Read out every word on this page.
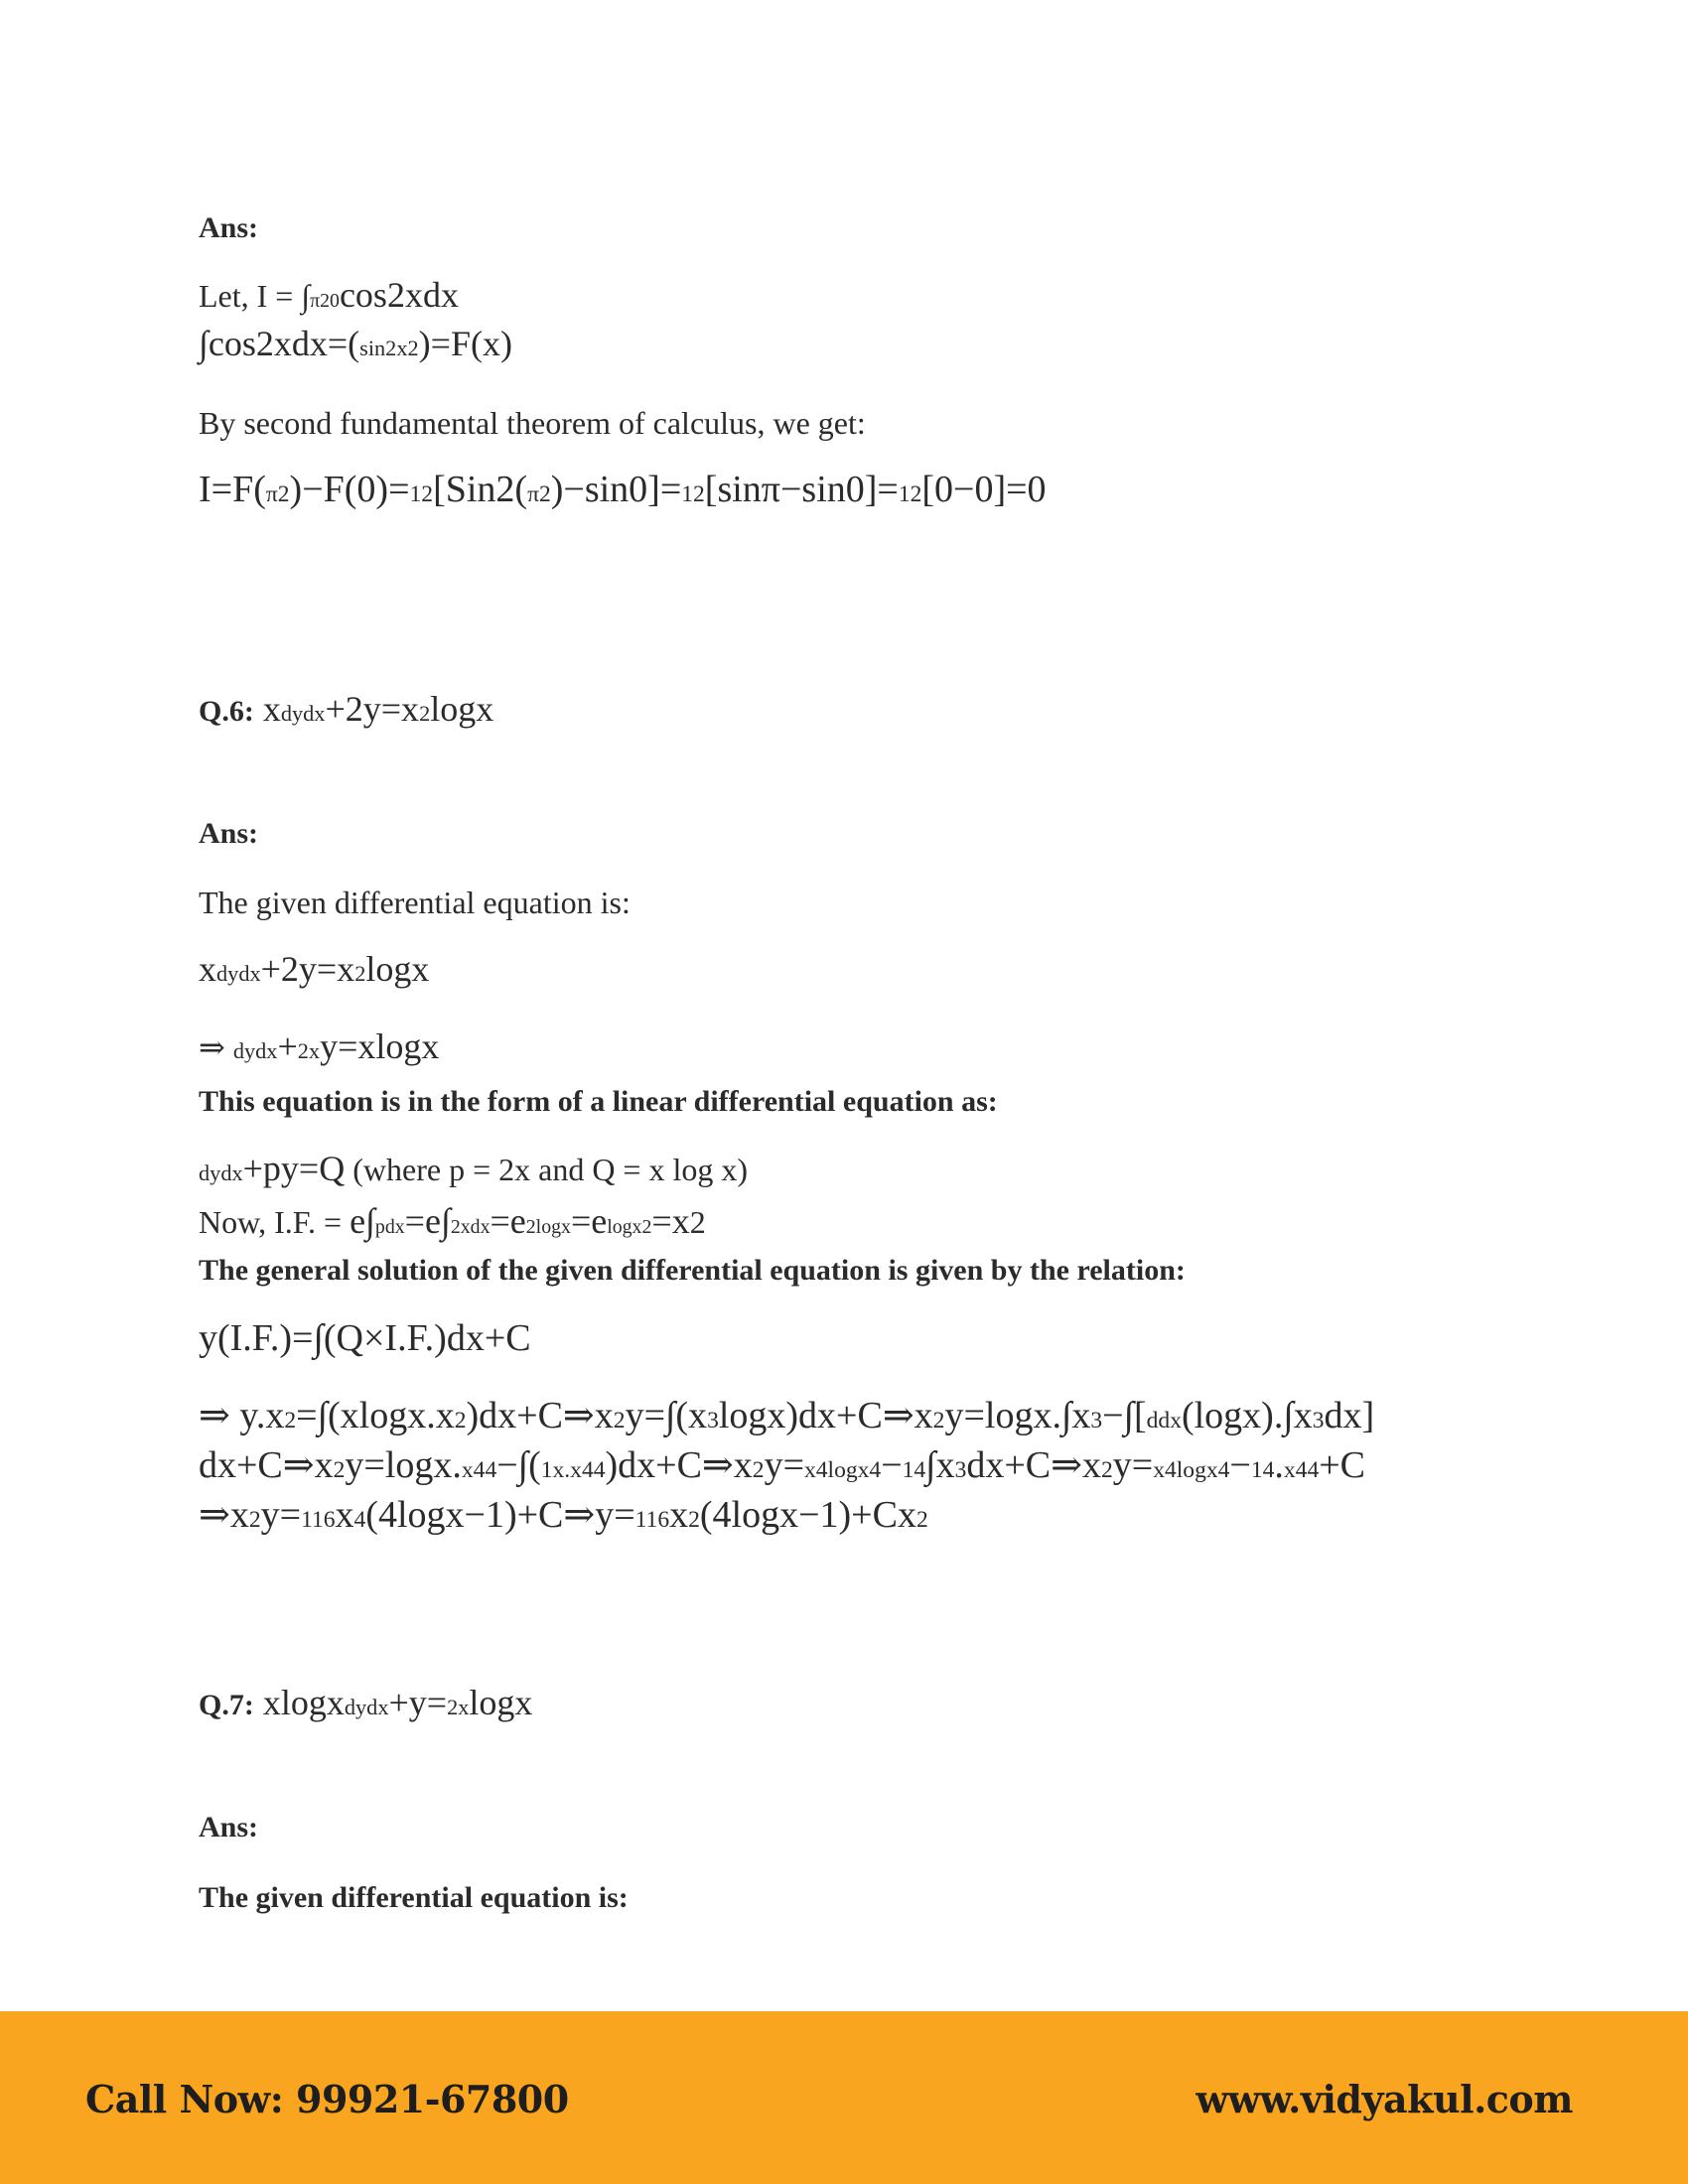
Ans:
Let, I = ∫π20cos2xdx
∫cos2xdx=(sin2x2)=F(x)
By second fundamental theorem of calculus, we get:
I=F(π2)−F(0)=12[Sin2(π2)−sin0]=12[sinπ−sin0]=12[0−0]=0
Q.6: xdydx+2y=x2logx
Ans:
The given differential equation is:
xdydx+2y=x2logx
⇒ dydx+2xy=xlogx
This equation is in the form of a linear differential equation as:
dydx+py=Q (where p = 2x and Q = x log x)
Now, I.F. = e∫pdx=e∫2xdx=e2logx=elogx2=x2
The general solution of the given differential equation is given by the relation:
y(I.F.)=∫(Q×I.F.)dx+C
⇒ y.x2=∫(xlogx.x2)dx+C⇒x2y=∫(x3logx)dx+C⇒x2y=logx.∫x3−∫[ddx(logx).∫x3dx]
dx+C⇒x2y=logx.x44−∫(1x.x44)dx+C⇒x2y=x4logx4−14∫x3dx+C⇒x2y=x4logx4−14.x44+C
⇒x2y=116x4(4logx−1)+C⇒y=116x2(4logx−1)+Cx2
Q.7: xlogxdydx+y=2xlogx
Ans:
The given differential equation is:
Call Now: 99921-67800	www.vidyakul.com
